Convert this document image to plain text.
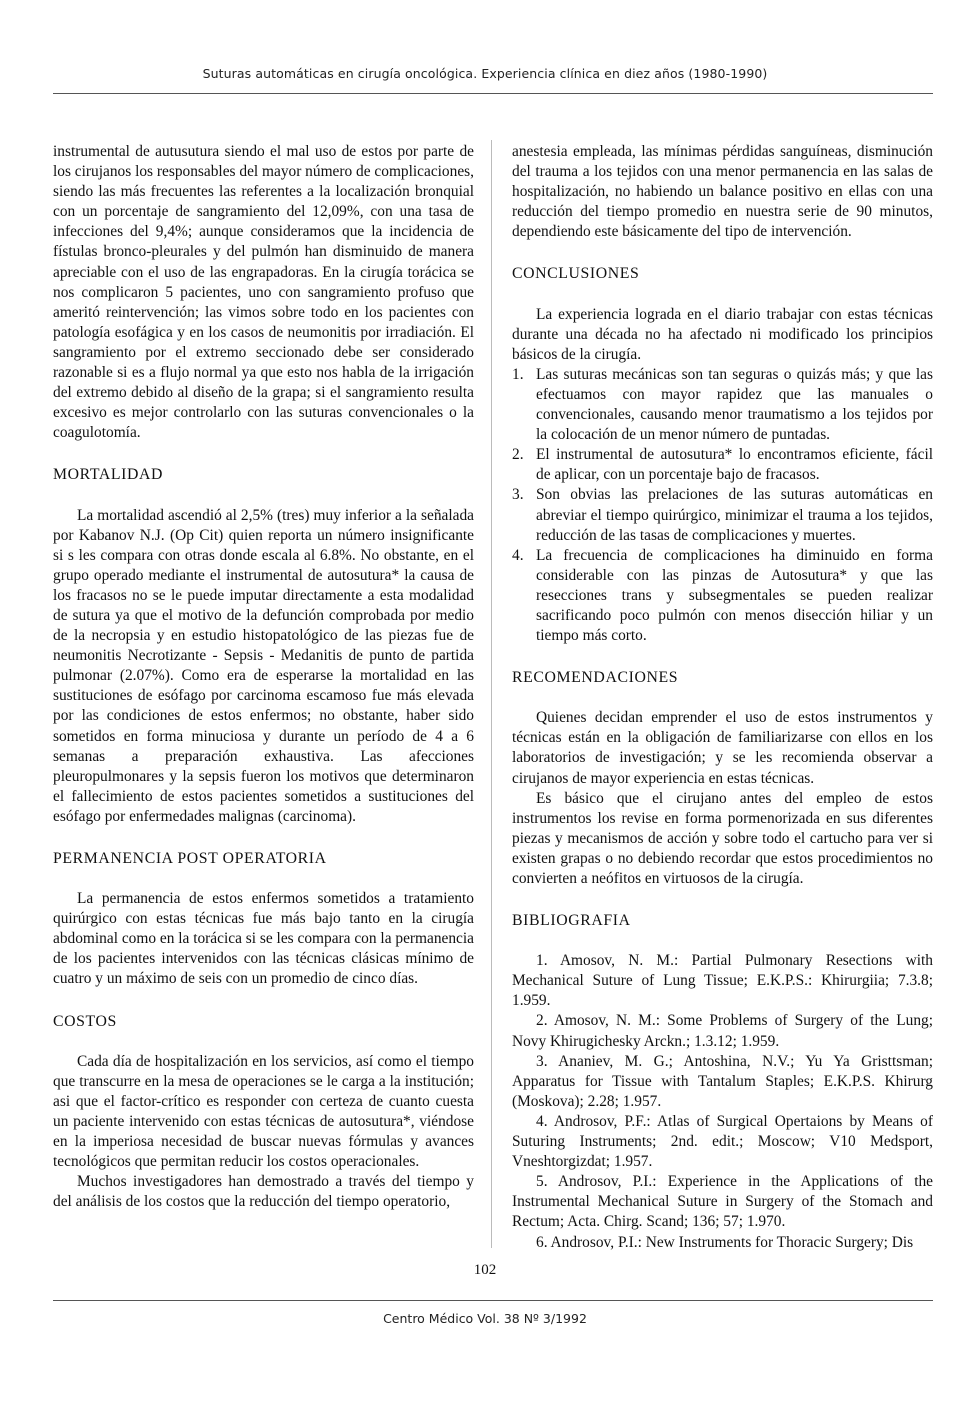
Suturas automáticas en cirugía oncológica. Experiencia clínica en diez años (1980-1990)

instrumental de autusutura siendo el mal uso de estos por parte de los cirujanos los responsables del mayor número de complicaciones, siendo las más frecuentes las referentes a la localización bronquial con un porcentaje de sangramiento del 12,09%, con una tasa de infecciones del 9,4%; aunque consideramos que la incidencia de fístulas bronco-pleurales y del pulmón han disminuido de manera apreciable con el uso de las engrapadoras. En la cirugía torácica se nos complicaron 5 pacientes, uno con sangramiento profuso que ameritó reintervención; las vimos sobre todo en los pacientes con patología esofágica y en los casos de neumonitis por irradiación. El sangramiento por el extremo seccionado debe ser considerado razonable si es a flujo normal ya que esto nos habla de la irrigación del extremo debido al diseño de la grapa; si el sangramiento resulta excesivo es mejor controlarlo con las suturas convencionales o la coagulotomía.

MORTALIDAD

La mortalidad ascendió al 2,5% (tres) muy inferior a la señalada por Kabanov N.J. (Op Cit) quien reporta un número insignificante si s les compara con otras donde escala al 6.8%. No obstante, en el grupo operado mediante el instrumental de autosutura* la causa de los fracasos no se le puede imputar directamente a esta modalidad de sutura ya que el motivo de la defunción comprobada por medio de la necropsia y en estudio histopatológico de las piezas fue de neumonitis Necrotizante - Sepsis - Medanitis de punto de partida pulmonar (2.07%). Como era de esperarse la mortalidad en las sustituciones de esófago por carcinoma escamoso fue más elevada por las condiciones de estos enfermos; no obstante, haber sido sometidos en forma minuciosa y durante un período de 4 a 6 semanas a preparación exhaustiva. Las afecciones pleuropulmonares y la sepsis fueron los motivos que determinaron el fallecimiento de estos pacientes sometidos a sustituciones del esófago por enfermedades malignas (carcinoma).

PERMANENCIA POST OPERATORIA

La permanencia de estos enfermos sometidos a tratamiento quirúrgico con estas técnicas fue más bajo tanto en la cirugía abdominal como en la torácica si se les compara con la permanencia de los pacientes intervenidos con las técnicas clásicas mínimo de cuatro y un máximo de seis con un promedio de cinco días.

COSTOS

Cada día de hospitalización en los servicios, así como el tiempo que transcurre en la mesa de operaciones se le carga a la institución; asi que el factor-crítico es responder con certeza de cuanto cuesta un paciente intervenido con estas técnicas de autosutura*, viéndose en la imperiosa necesidad de buscar nuevas fórmulas y avances tecnológicos que permitan reducir los costos operacionales.

Muchos investigadores han demostrado a través del tiempo y del análisis de los costos que la reducción del tiempo operatorio,

anestesia empleada, las mínimas pérdidas sanguíneas, disminución del trauma a los tejidos con una menor permanencia en las salas de hospitalización, no habiendo un balance positivo en ellas con una reducción del tiempo promedio en nuestra serie de 90 minutos, dependiendo este básicamente del tipo de intervención.

CONCLUSIONES

La experiencia lograda en el diario trabajar con estas técnicas durante una década no ha afectado ni modificado los principios básicos de la cirugía.

1. Las suturas mecánicas son tan seguras o quizás más; y que las efectuamos con mayor rapidez que las manuales o convencionales, causando menor traumatismo a los tejidos por la colocación de un menor número de puntadas.
2. El instrumental de autosutura* lo encontramos eficiente, fácil de aplicar, con un porcentaje bajo de fracasos.
3. Son obvias las prelaciones de las suturas automáticas en abreviar el tiempo quirúrgico, minimizar el trauma a los tejidos, reducción de las tasas de complicaciones y muertes.
4. La frecuencia de complicaciones ha diminuido en forma considerable con las pinzas de Autosutura* y que las resecciones trans y subsegmentales se pueden realizar sacrificando poco pulmón con menos disección hiliar y un tiempo más corto.
RECOMENDACIONES

Quienes decidan emprender el uso de estos instrumentos y técnicas están en la obligación de familiarizarse con ellos en los laboratorios de investigación; y se les recomienda observar a cirujanos de mayor experiencia en estas técnicas.

Es básico que el cirujano antes del empleo de estos instrumentos los revise en forma pormenorizada en sus diferentes piezas y mecanismos de acción y sobre todo el cartucho para ver si existen grapas o no debiendo recordar que estos procedimientos no convierten a neófitos en virtuosos de la cirugía.

BIBLIOGRAFIA

1. Amosov, N. M.: Partial Pulmonary Resections with Mechanical Suture of Lung Tissue; E.K.P.S.: Khirurgiia; 7.3.8; 1.959.

2. Amosov, N. M.: Some Problems of Surgery of the Lung; Novy Khirugichesky Arckn.; 1.3.12; 1.959.

3. Ananiev, M. G.; Antoshina, N.V.; Yu Ya Gristtsman; Apparatus for Tissue with Tantalum Staples; E.K.P.S. Khirurg (Moskova); 2.28; 1.957.

4. Androsov, P.F.: Atlas of Surgical Opertaions by Means of Suturing Instruments; 2nd. edit.; Moscow; V10 Medsport, Vneshtorgizdat; 1.957.

5. Androsov, P.I.: Experience in the Applications of the Instrumental Mechanical Suture in Surgery of the Stomach and Rectum; Acta. Chirg. Scand; 136; 57; 1.970.

6. Androsov, P.I.: New Instruments for Thoracic Surgery; Dis

102
Centro Médico Vol. 38 Nº 3/1992
